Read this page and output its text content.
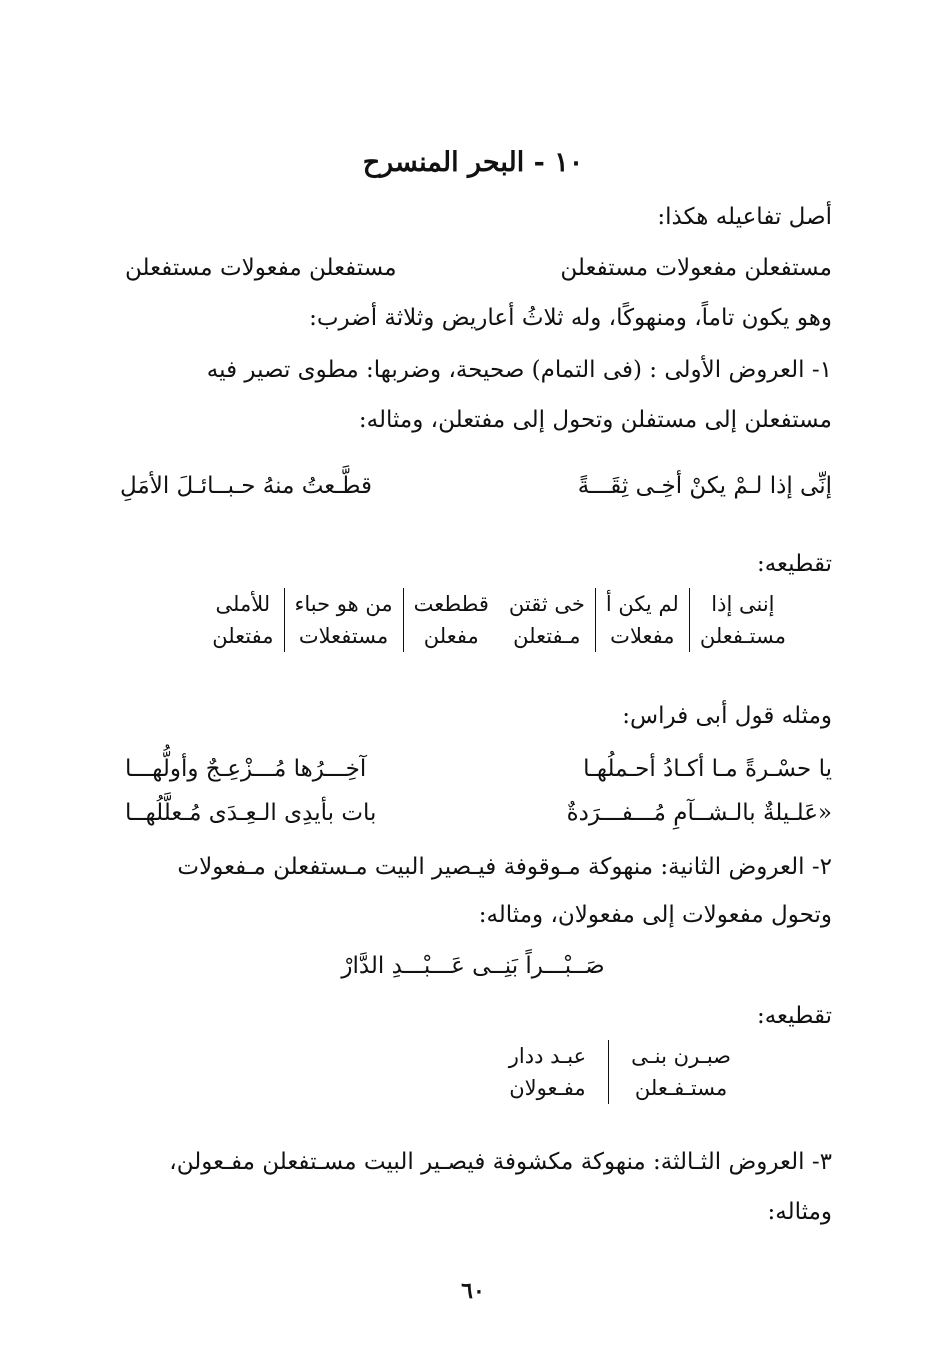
١٠ - البحر المنسرح
أصل تفاعيله هكذا:
مستفعلن مفعولات مستفعلن
مستفعلن مفعولات مستفعلن
وهو يكون تاماً، ومنهوكًا، وله ثلاثُ أعاريض وثلاثة أضرب:
١- العروض الأولى : (فى التمام) صحيحة، وضربها: مطوى تصير فيه
مستفعلن إلى مستفلن وتحول إلى مفتعلن، ومثاله:
إنِّى إذا لـمْ يكنْ أخِـى ثِقَـــةً
قطَّـعتُ منهُ حـبــائـلَ الأمَلِ
تقطيعه:
إننى إذا	لم يكن أ	خى ثقتن	قططعت	من هو حباء	للأملى
مستـفعلن	مفعلات	مـفتعلن	مفعلن	مستفعلات	مفتعلن
ومثله قول أبى فراس:
يا حسْـرةً مـا أكـادُ أحـملُهـا
آخِـــرُها مُـــزْعِـجٌ وأولُّهـــا
«عَلـيلةٌ بالـشــآمِ مُـــفـــرَدةٌ
بات بأيدِى الـعِـدَى مُـعلَّلُهــا
٢- العروض الثانية: منهوكة مـوقوفة فيـصير البيت مـستفعلن مـفعولات
وتحول مفعولات إلى مفعولان، ومثاله:
صَــبْـــراً بَنِــى عَـــبْـــدِ الدَّارْ
تقطيعه:
صبـرن بنـى	عبـد ددار
مستـفـعلن	مفـعولان
٣- العروض الثـالثة: منهوكة مكشوفة فيصـير البيت مسـتفعلن مفـعولن،
ومثاله:
٦٠
